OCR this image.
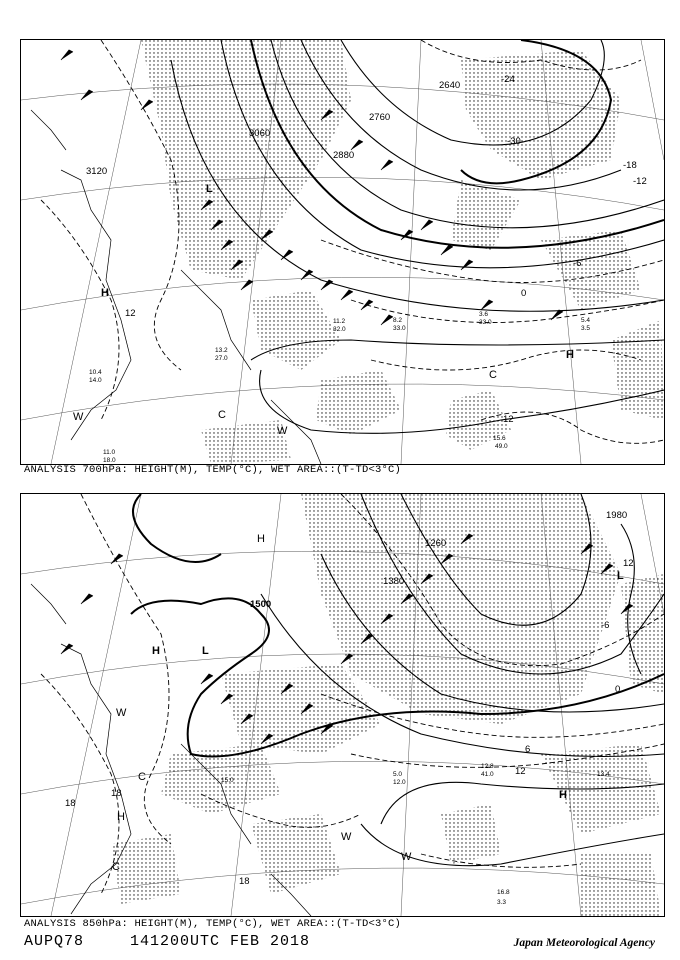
3120
3060
2880
2760
2640
-24
-30
-18
-12
-6
0
12
12
L
H
H
C
C
W
W
15.6
49.0
5.4
3.5
3.6
33.0
8.2
33.0
11.2
32.0
13.2
27.0
10.4
14.0
11.0
18.0
ANALYSIS 700hPa: HEIGHT(M), TEMP(°C), WET AREA::(T-TD<3°C)
1500
1380
1260
1980
-6
0
6
12
12
18
18
18
H
H	L
L
H
H
C
C
W
W
W
13.4
15.0
16.8
3.3
12.8
41.0
5.0
12.0
ANALYSIS 850hPa: HEIGHT(M), TEMP(°C), WET AREA::(T-TD<3°C)
AUPQ78	141200UTC FEB 2018	Japan Meteorological Agency
